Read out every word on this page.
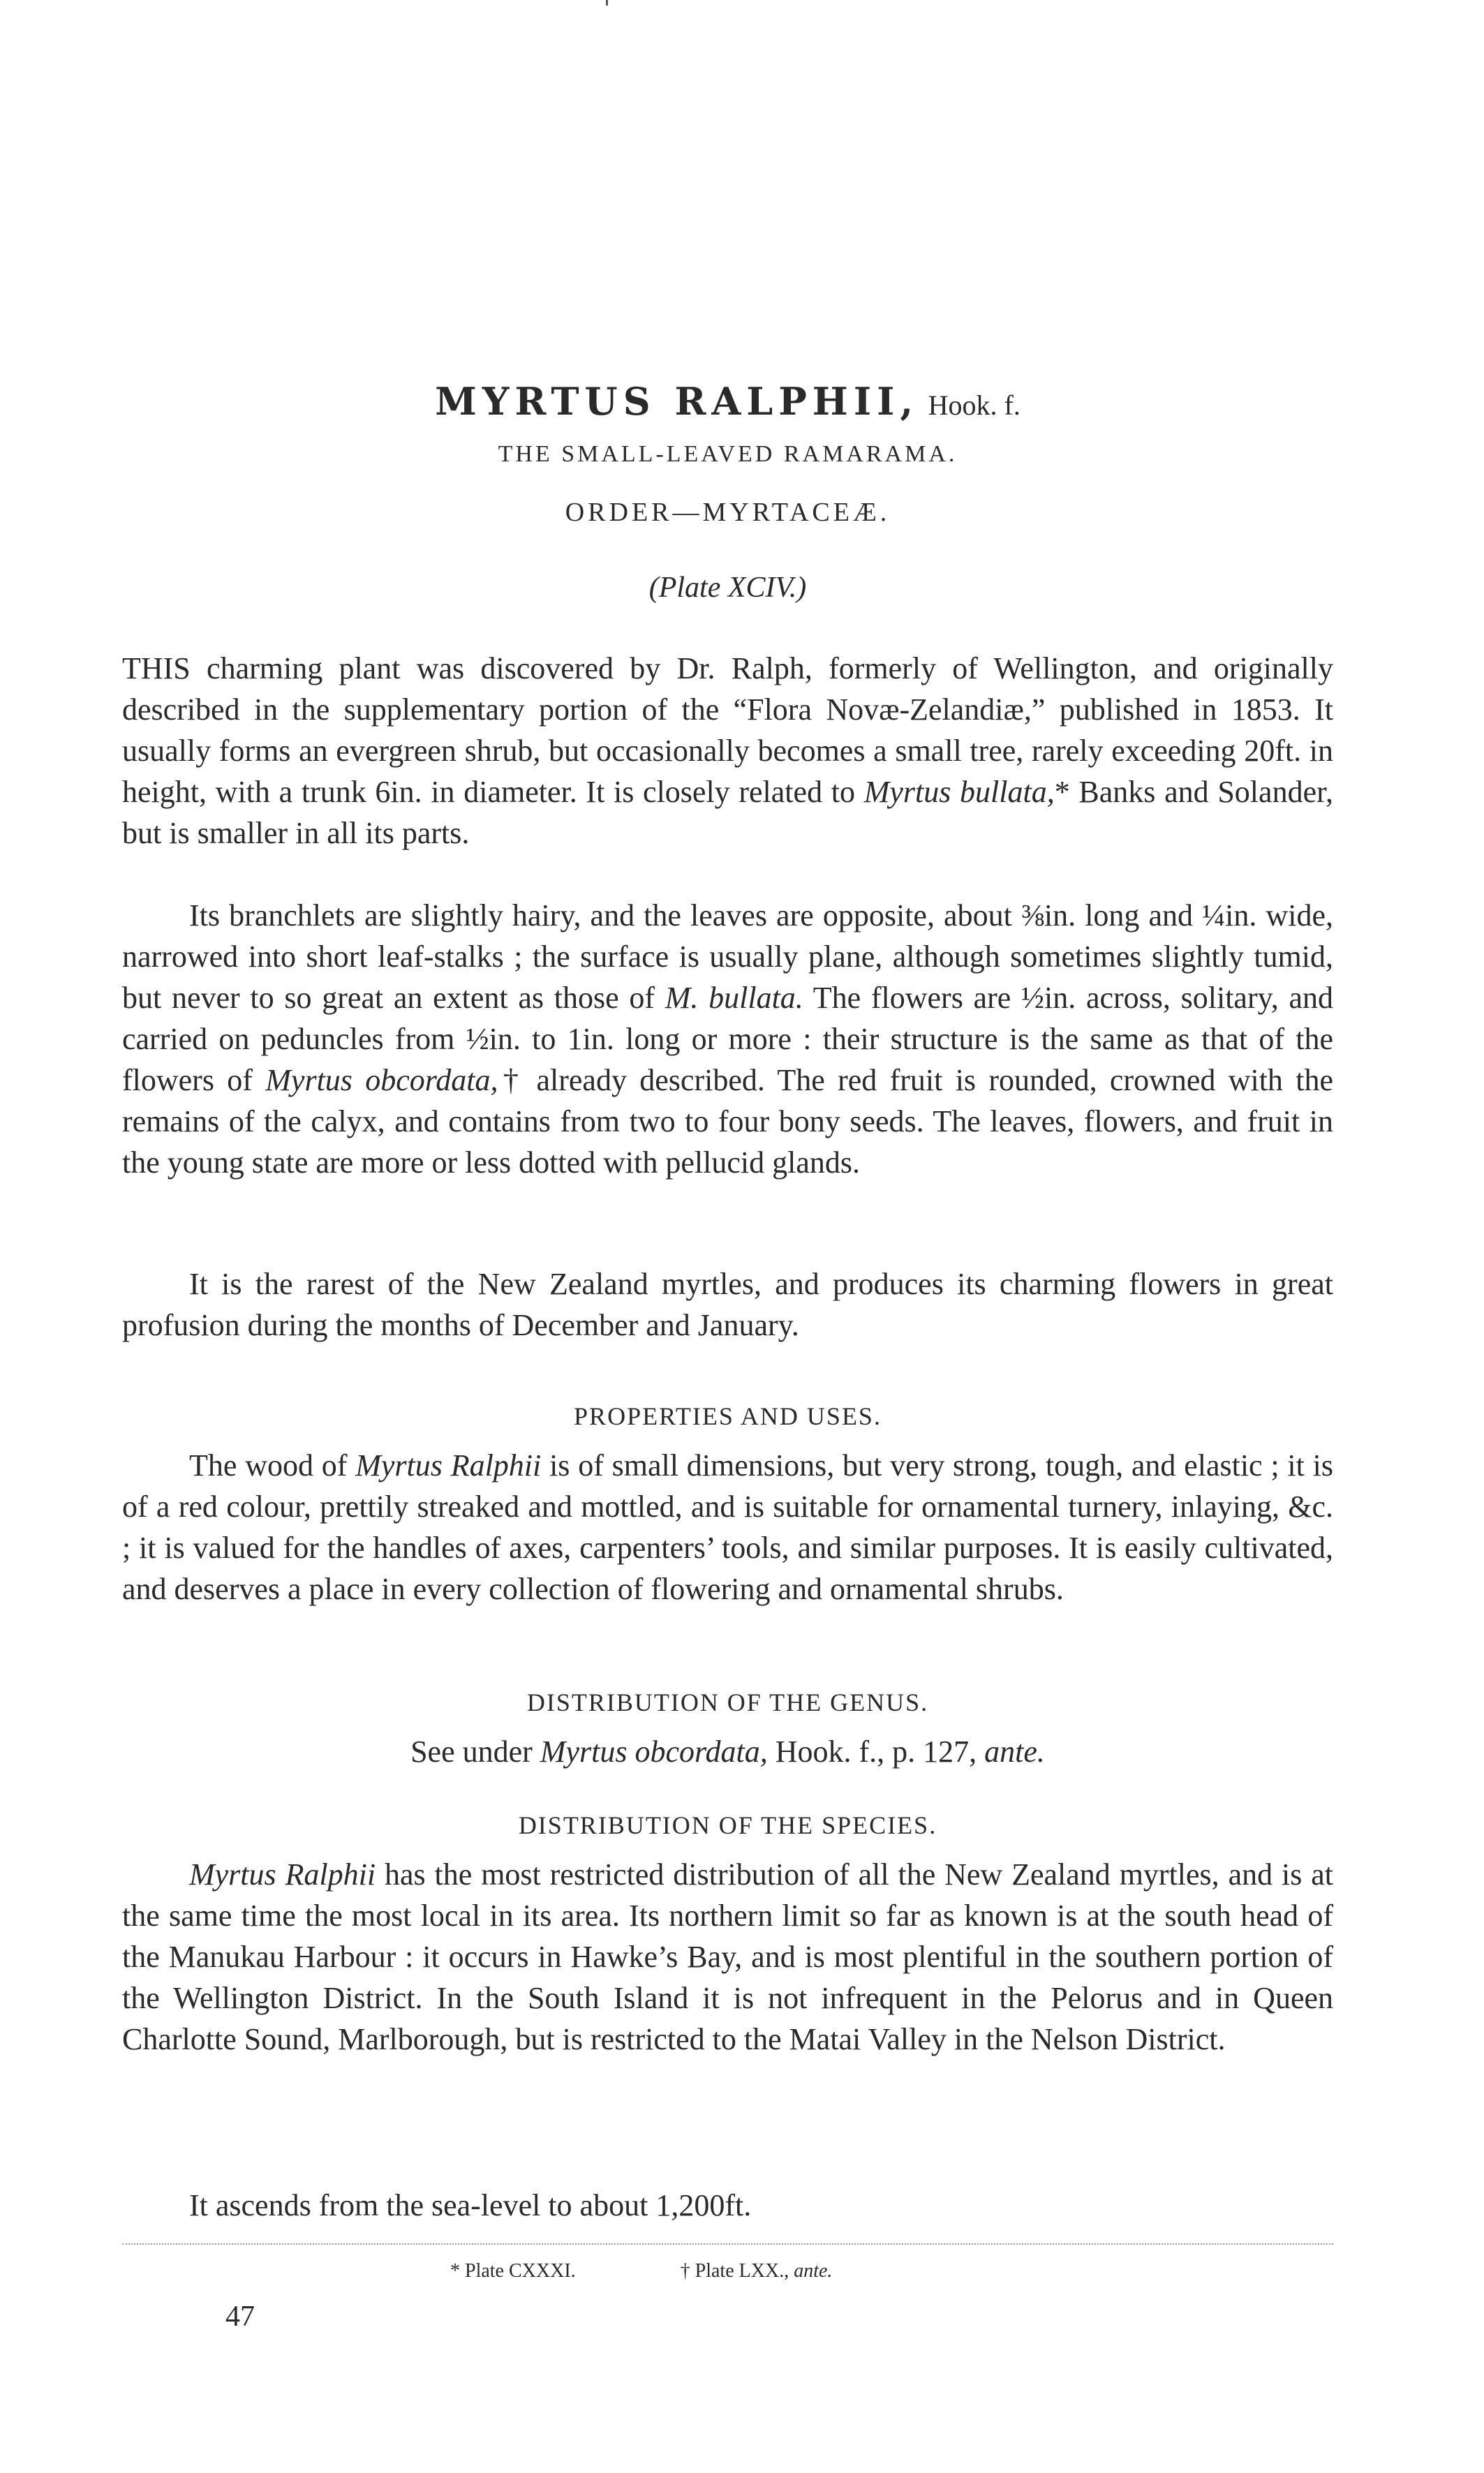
MYRTUS RALPHII, Hook. f.
THE SMALL-LEAVED RAMARAMA.
ORDER—MYRTACEÆ.
(Plate XCIV.)

THIS charming plant was discovered by Dr. Ralph, formerly of Wellington, and originally described in the supplementary portion of the “Flora Novæ-Zelandiæ,” published in 1853. It usually forms an evergreen shrub, but occasionally becomes a small tree, rarely exceeding 20ft. in height, with a trunk 6in. in diameter. It is closely related to Myrtus bullata,* Banks and Solander, but is smaller in all its parts.

Its branchlets are slightly hairy, and the leaves are opposite, about ⅜in. long and ¼in. wide, narrowed into short leaf-stalks ; the surface is usually plane, although sometimes slightly tumid, but never to so great an extent as those of M. bullata. The flowers are ½in. across, solitary, and carried on peduncles from ½in. to 1in. long or more : their structure is the same as that of the flowers of Myrtus obcordata,† already described. The red fruit is rounded, crowned with the remains of the calyx, and contains from two to four bony seeds. The leaves, flowers, and fruit in the young state are more or less dotted with pellucid glands.

It is the rarest of the New Zealand myrtles, and produces its charming flowers in great profusion during the months of December and January.

PROPERTIES AND USES.

The wood of Myrtus Ralphii is of small dimensions, but very strong, tough, and elastic ; it is of a red colour, prettily streaked and mottled, and is suitable for ornamental turnery, inlaying, &c. ; it is valued for the handles of axes, carpenters’ tools, and similar purposes. It is easily cultivated, and deserves a place in every collection of flowering and ornamental shrubs.

DISTRIBUTION OF THE GENUS.
See under Myrtus obcordata, Hook. f., p. 127, ante.
DISTRIBUTION OF THE SPECIES.

Myrtus Ralphii has the most restricted distribution of all the New Zealand myrtles, and is at the same time the most local in its area. Its northern limit so far as known is at the south head of the Manukau Harbour : it occurs in Hawke’s Bay, and is most plentiful in the southern portion of the Wellington District. In the South Island it is not infrequent in the Pelorus and in Queen Charlotte Sound, Marlborough, but is restricted to the Matai Valley in the Nelson District.

It ascends from the sea-level to about 1,200ft.

* Plate CXXXI.	† Plate LXX., ante.
47
